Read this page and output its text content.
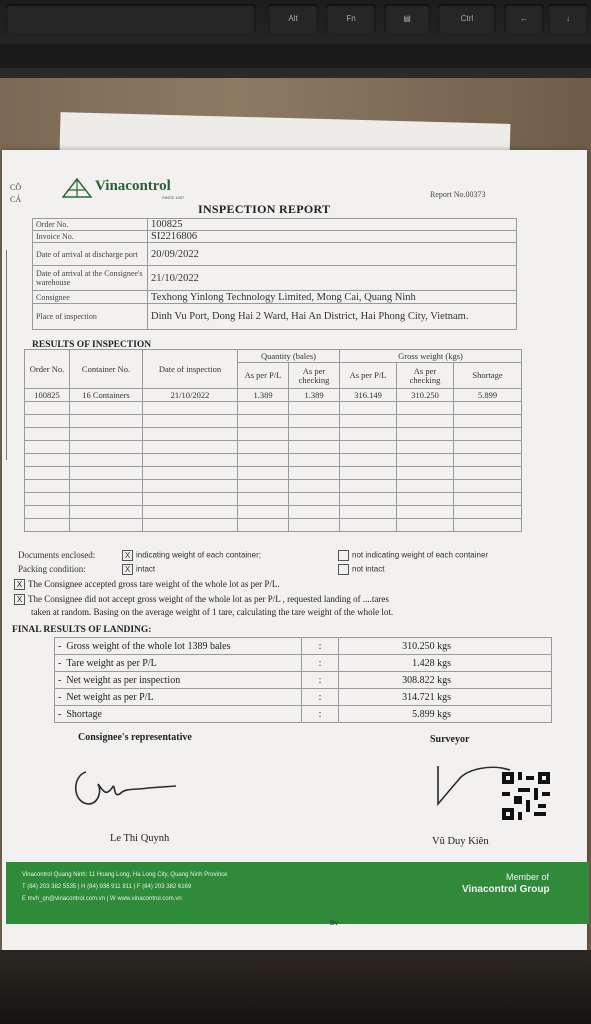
Alt	Fn	▤	Ctrl	←	↓
CÔ
CẢ
Vinacontrol
SINCE 1957	Report No.00373
INSPECTION REPORT
Order No.	100825
Invoice No.	SI2216806
Date of arrival at discharge port	20/09/2022
Date of arrival at the Consignee's warehouse	21/10/2022
Consignee	Texhong Yinlong Technology Limited, Mong Cai, Quang Ninh
Place of inspection	Dinh Vu Port, Dong Hai 2 Ward, Hai An District, Hai Phong City, Vietnam.
RESULTS OF INSPECTION
Order No.	Container No.	Date of inspection	Quantity (bales)		Gross weight (kgs)		
			As per P/L	As per checking	As per P/L	As per checking	Shortage
100825	16 Containers	21/10/2022	1.389	1.389	316.149	310.250	5.899

Documents enclosed:	X indicating weight of each container;	not indicating weight of each container
Packing condition:	X intact	not intact
X The Consignee accepted gross tare weight of the whole lot as per P/L.
X The Consignee did not accept gross weight of the whole lot as per P/L , requested landing of ....tares
taken at random. Basing on the average weight of 1 tare, calculating the tare weight of the whole lot.
FINAL RESULTS OF LANDING:
-  Gross weight of the whole lot 1389 bales	:	310.250 kgs
-  Tare weight as per P/L	:	1.428 kgs
-  Net weight as per inspection	:	308.822 kgs
-  Net weight as per P/L	:	314.721 kgs
-  Shortage	:	5.899 kgs
Consignee's representative	Surveyor
Le Thi Quynh	Vũ Duy Kiên
Vinacontrol Quang Ninh: 11 Hoang Long, Ha Long City, Quang Ninh Province
T (84) 203 382 5535 | H (84) 936 911 811 | F (84) 203 382 6169
E mvh_qn@vinacontrol.com.vn | W www.vinacontrol.com.vn
Member of
Vinacontrol Group
Bv
